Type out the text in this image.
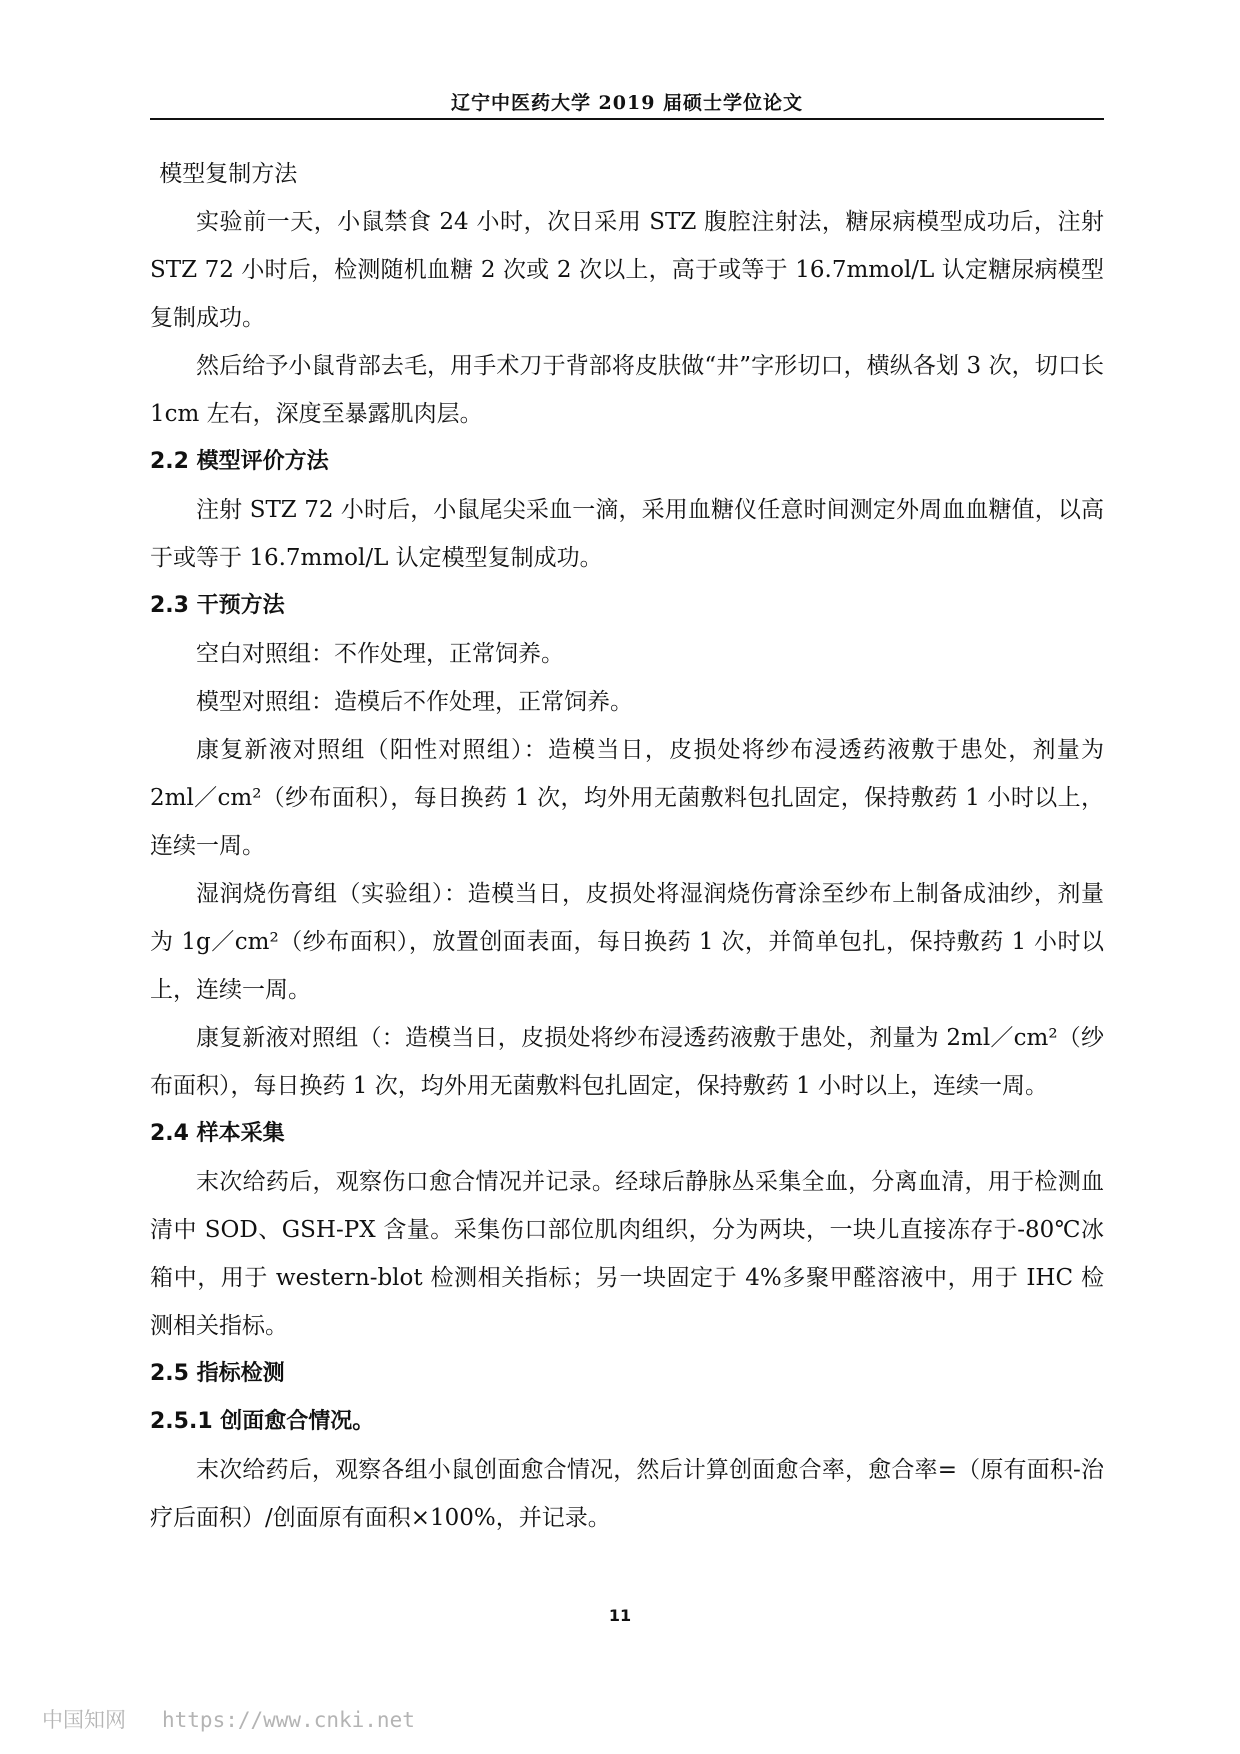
辽宁中医药大学 2019 届硕士学位论文

模型复制方法

实验前一天，小鼠禁食 24 小时，次日采用 STZ 腹腔注射法，糖尿病模型成功后，注射 STZ 72 小时后，检测随机血糖 2 次或 2 次以上，高于或等于 16.7mmol/L 认定糖尿病模型复制成功。

然后给予小鼠背部去毛，用手术刀于背部将皮肤做“井”字形切口，横纵各划 3 次，切口长 1cm 左右，深度至暴露肌肉层。

2.2 模型评价方法

注射 STZ 72 小时后，小鼠尾尖采血一滴，采用血糖仪任意时间测定外周血血糖值，以高于或等于 16.7mmol/L 认定模型复制成功。

2.3 干预方法

空白对照组：不作处理，正常饲养。

模型对照组：造模后不作处理，正常饲养。

康复新液对照组（阳性对照组）：造模当日，皮损处将纱布浸透药液敷于患处，剂量为 2ml／cm²（纱布面积），每日换药 1 次，均外用无菌敷料包扎固定，保持敷药 1 小时以上，连续一周。

湿润烧伤膏组（实验组）：造模当日，皮损处将湿润烧伤膏涂至纱布上制备成油纱，剂量为 1g／cm²（纱布面积），放置创面表面，每日换药 1 次，并简单包扎，保持敷药 1 小时以上，连续一周。

康复新液对照组（：造模当日，皮损处将纱布浸透药液敷于患处，剂量为 2ml／cm²（纱布面积），每日换药 1 次，均外用无菌敷料包扎固定，保持敷药 1 小时以上，连续一周。

2.4 样本采集

末次给药后，观察伤口愈合情况并记录。经球后静脉丛采集全血，分离血清，用于检测血清中 SOD、GSH-PX 含量。采集伤口部位肌肉组织，分为两块，一块儿直接冻存于-80℃冰箱中，用于 western-blot 检测相关指标；另一块固定于 4%多聚甲醛溶液中，用于 IHC 检测相关指标。

2.5 指标检测

2.5.1 创面愈合情况。

末次给药后，观察各组小鼠创面愈合情况，然后计算创面愈合率，愈合率=（原有面积-治疗后面积）/创面原有面积×100%，并记录。

11
中国知网 https://www.cnki.net
